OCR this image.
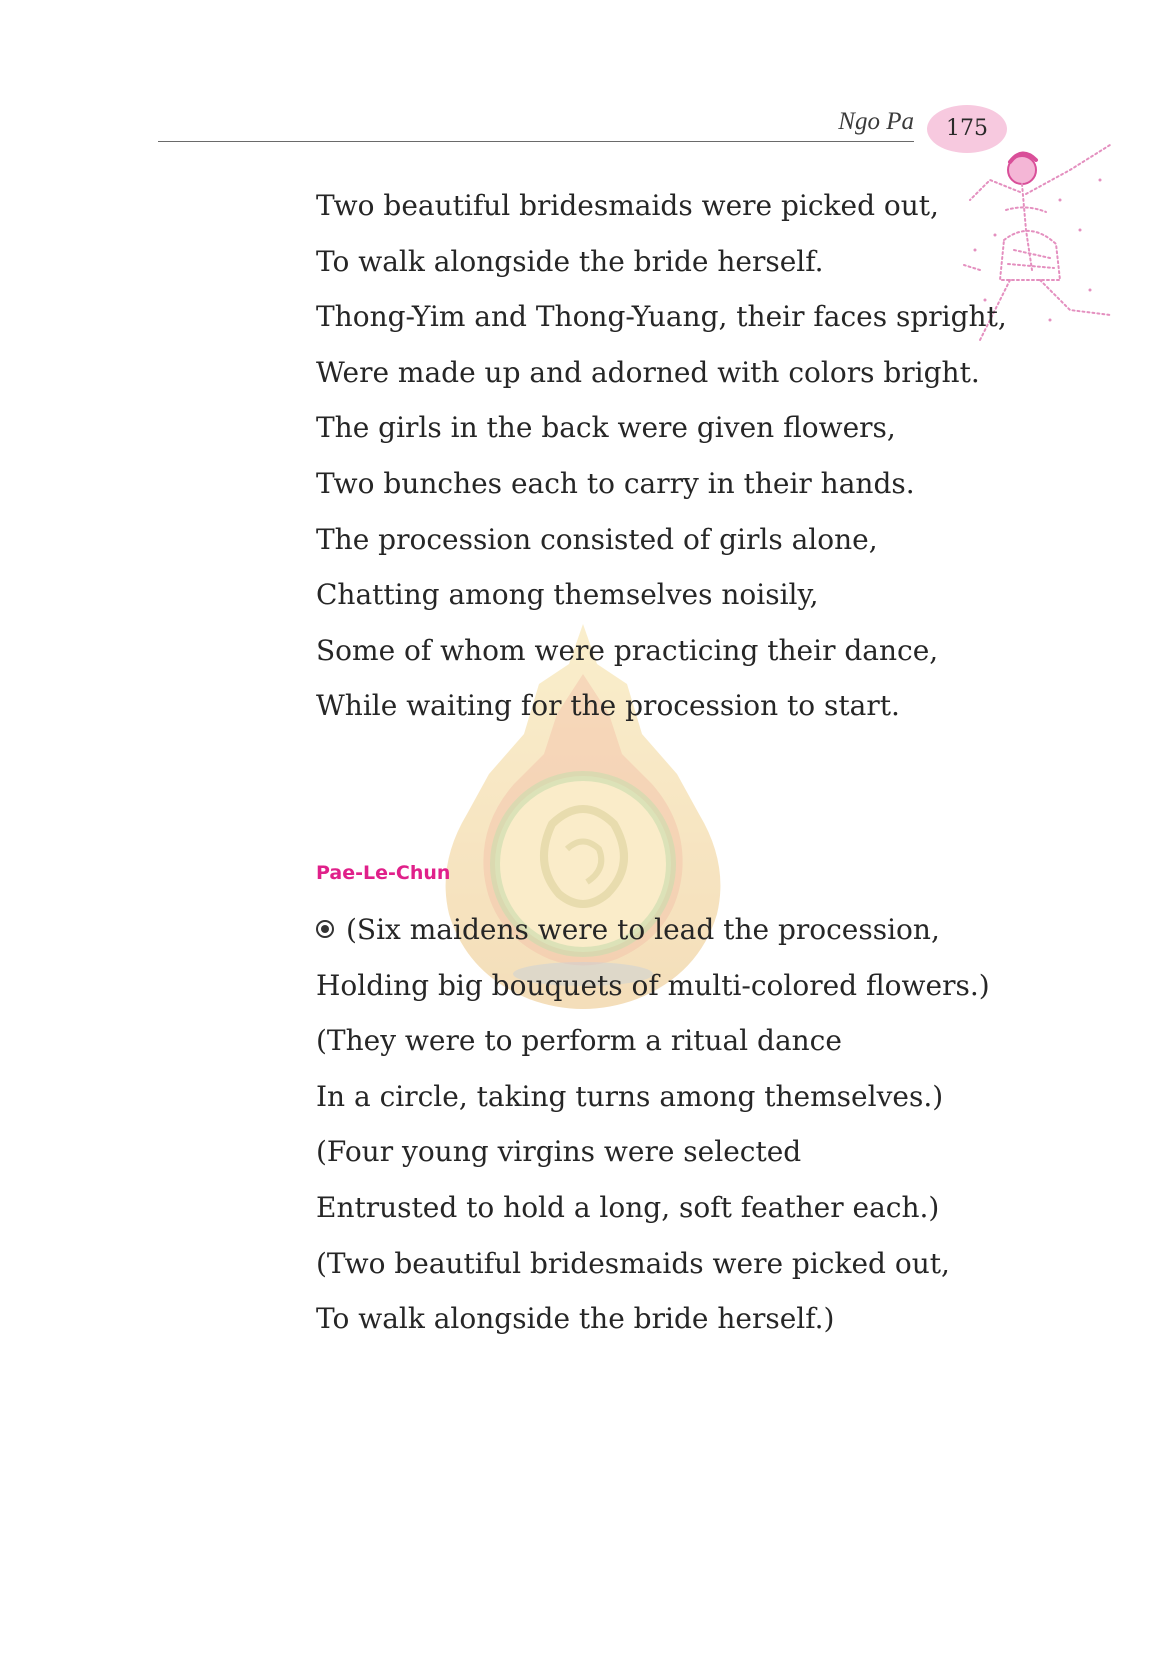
Ngo Pa	175
Two beautiful bridesmaids were picked out,
To walk alongside the bride herself.
Thong-Yim and Thong-Yuang, their faces spright,
Were made up and adorned with colors bright.
The girls in the back were given flowers,
Two bunches each to carry in their hands.
The procession consisted of girls alone,
Chatting among themselves noisily,
Some of whom were practicing their dance,
While waiting for the procession to start.
Pae-Le-Chun
(Six maidens were to lead the procession,
Holding big bouquets of multi-colored flowers.)
(They were to perform a ritual dance
In a circle, taking turns among themselves.)
(Four young virgins were selected
Entrusted to hold a long, soft feather each.)
(Two beautiful bridesmaids were picked out,
To walk alongside the bride herself.)
